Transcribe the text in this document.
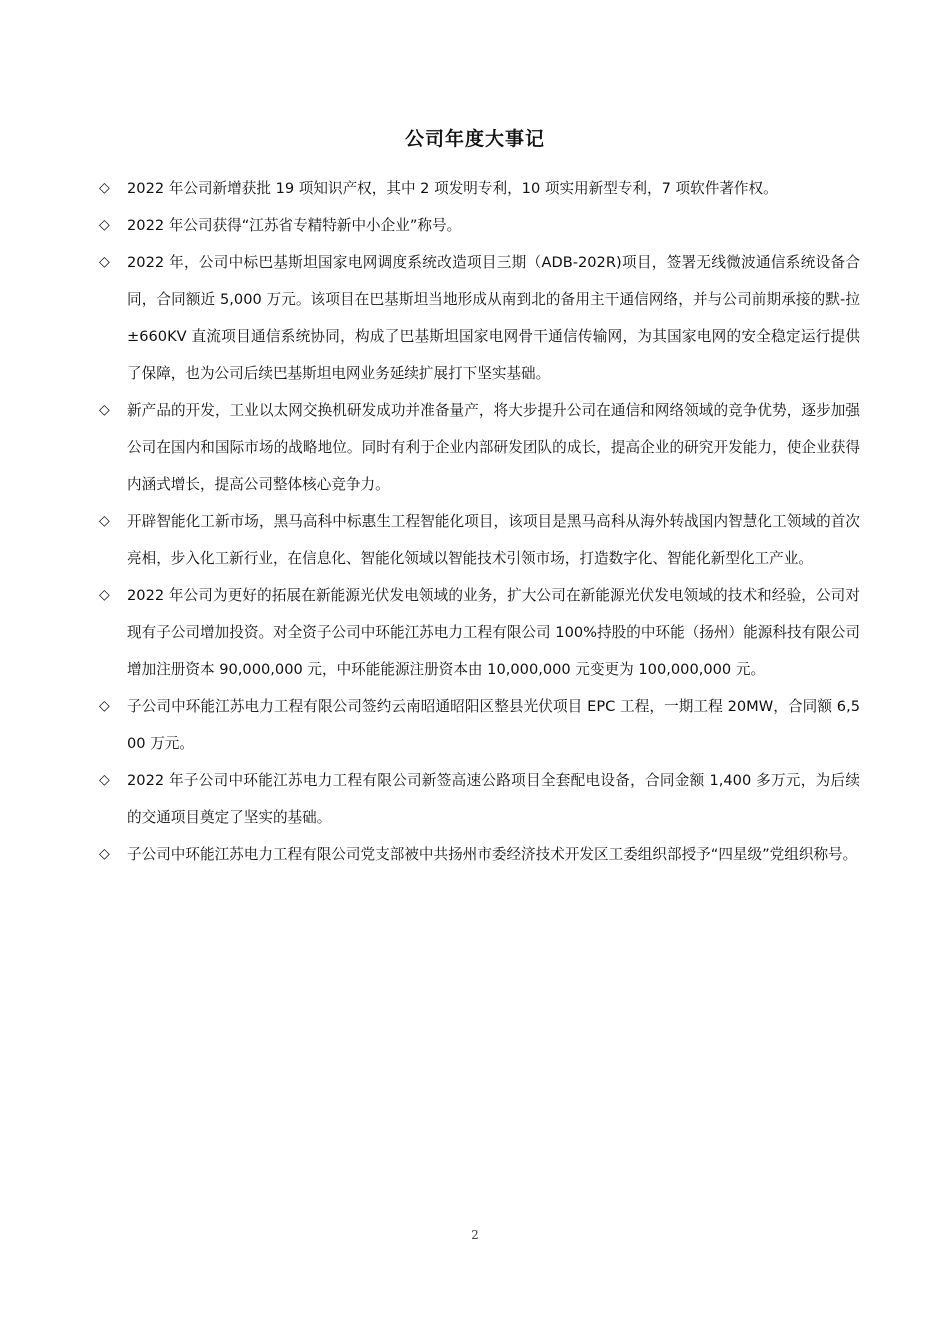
公司年度大事记
◇ 2022 年公司新增获批 19 项知识产权，其中 2 项发明专利，10 项实用新型专利，7 项软件著作权。
◇ 2022 年公司获得“江苏省专精特新中小企业”称号。
◇ 2022 年，公司中标巴基斯坦国家电网调度系统改造项目三期（ADB-202R)项目，签署无线微波通信系统设备合同，合同额近 5,000 万元。该项目在巴基斯坦当地形成从南到北的备用主干通信网络，并与公司前期承接的默-拉±660KV 直流项目通信系统协同，构成了巴基斯坦国家电网骨干通信传输网，为其国家电网的安全稳定运行提供了保障，也为公司后续巴基斯坦电网业务延续扩展打下坚实基础。
◇ 新产品的开发，工业以太网交换机研发成功并准备量产，将大步提升公司在通信和网络领域的竞争优势，逐步加强公司在国内和国际市场的战略地位。同时有利于企业内部研发团队的成长，提高企业的研究开发能力，使企业获得内涵式增长，提高公司整体核心竞争力。
◇ 开辟智能化工新市场，黑马高科中标惠生工程智能化项目，该项目是黑马高科从海外转战国内智慧化工领域的首次亮相，步入化工新行业，在信息化、智能化领域以智能技术引领市场，打造数字化、智能化新型化工产业。
◇ 2022 年公司为更好的拓展在新能源光伏发电领域的业务，扩大公司在新能源光伏发电领域的技术和经验，公司对现有子公司增加投资。对全资子公司中环能江苏电力工程有限公司 100%持股的中环能（扬州）能源科技有限公司增加注册资本 90,000,000 元，中环能能源注册资本由 10,000,000 元变更为 100,000,000 元。
◇ 子公司中环能江苏电力工程有限公司签约云南昭通昭阳区整县光伏项目 EPC 工程，一期工程 20MW，合同额 6,500 万元。
◇ 2022 年子公司中环能江苏电力工程有限公司新签高速公路项目全套配电设备，合同金额 1,400 多万元，为后续的交通项目奠定了坚实的基础。
◇ 子公司中环能江苏电力工程有限公司党支部被中共扬州市委经济技术开发区工委组织部授予“四星级”党组织称号。
2
